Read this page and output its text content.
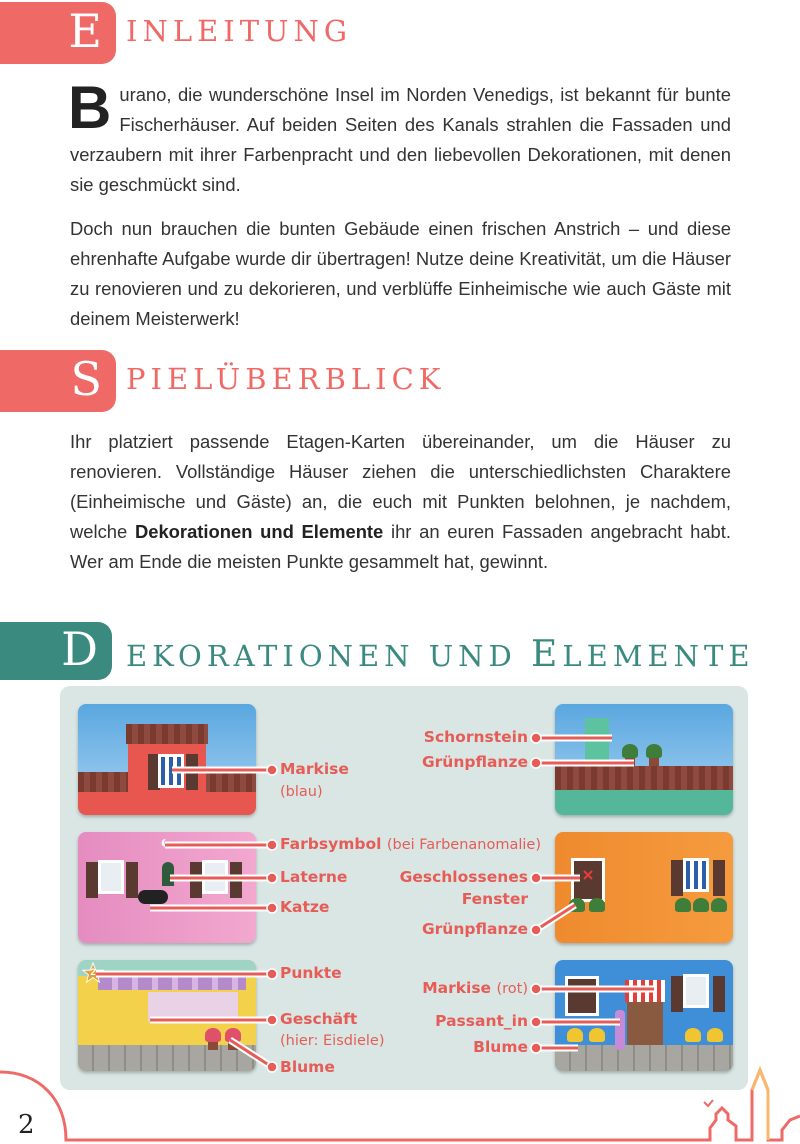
E INLEITUNG
Burano, die wunderschöne Insel im Norden Venedigs, ist bekannt für bunte Fischerhäuser. Auf beiden Seiten des Kanals strahlen die Fassaden und verzaubern mit ihrer Farbenpracht und den liebevollen Dekorationen, mit denen sie geschmückt sind.
Doch nun brauchen die bunten Gebäude einen frischen Anstrich – und diese ehrenhafte Aufgabe wurde dir übertragen! Nutze deine Kreativität, um die Häuser zu renovieren und zu dekorieren, und verblüffe Einheimische wie auch Gäste mit deinem Meisterwerk!
S PIELÜBERBLICK
Ihr platziert passende Etagen-Karten übereinander, um die Häuser zu renovieren. Vollständige Häuser ziehen die unterschiedlichsten Charaktere (Einheimische und Gäste) an, die euch mit Punkten belohnen, je nachdem, welche Dekorationen und Elemente ihr an euren Fassaden angebracht habt. Wer am Ende die meisten Punkte gesammelt hat, gewinnt.
D EKORATIONEN UND ELEMENTE
2
Markise
(blau)
Farbsymbol (bei Farbenanomalie)
Laterne
Katze
Punkte
Geschäft
(hier: Eisdiele)
Blume
Schornstein
Grünpflanze
Geschlossenes
Fenster
Grünpflanze
Markise (rot)
Passant_in
Blume
2
